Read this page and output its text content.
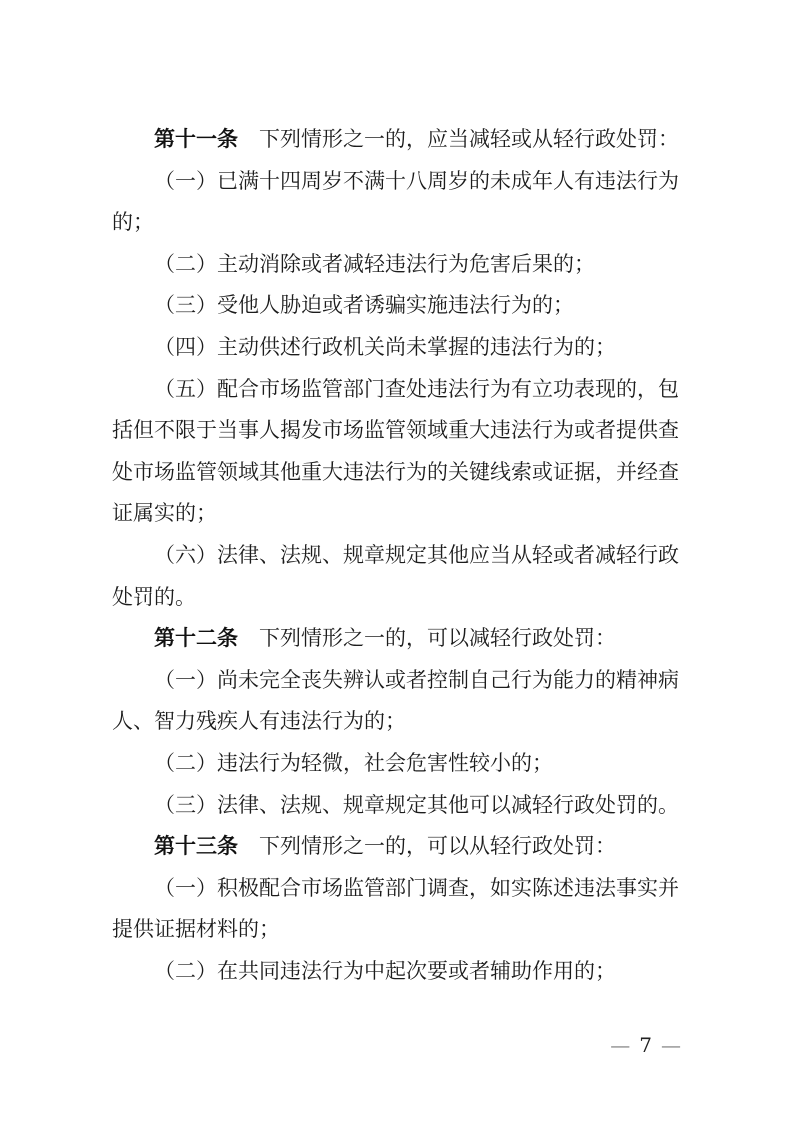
第十一条　下列情形之一的，应当减轻或从轻行政处罚：

（一）已满十四周岁不满十八周岁的未成年人有违法行为的；

（二）主动消除或者减轻违法行为危害后果的；

（三）受他人胁迫或者诱骗实施违法行为的；

（四）主动供述行政机关尚未掌握的违法行为的；

（五）配合市场监管部门查处违法行为有立功表现的，包括但不限于当事人揭发市场监管领域重大违法行为或者提供查处市场监管领域其他重大违法行为的关键线索或证据，并经查证属实的；

（六）法律、法规、规章规定其他应当从轻或者减轻行政处罚的。

第十二条　下列情形之一的，可以减轻行政处罚：

（一）尚未完全丧失辨认或者控制自己行为能力的精神病人、智力残疾人有违法行为的；

（二）违法行为轻微，社会危害性较小的；

（三）法律、法规、规章规定其他可以减轻行政处罚的。

第十三条　下列情形之一的，可以从轻行政处罚：

（一）积极配合市场监管部门调查，如实陈述违法事实并提供证据材料的；

（二）在共同违法行为中起次要或者辅助作用的；

— 7 —
